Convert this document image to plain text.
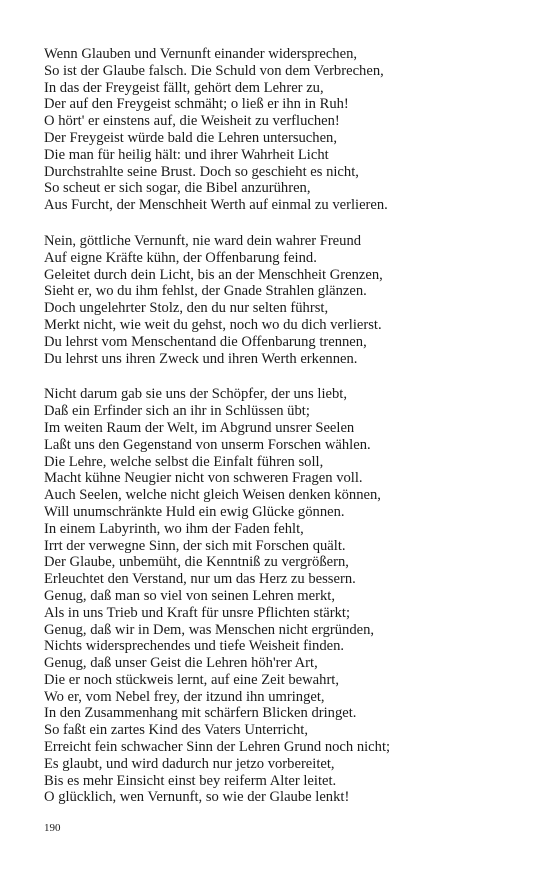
Wenn Glauben und Vernunft einander widersprechen,
So ist der Glaube falsch. Die Schuld von dem Verbrechen,
In das der Freygeist fällt, gehört dem Lehrer zu,
Der auf den Freygeist schmäht; o ließ er ihn in Ruh!
O hört' er einstens auf, die Weisheit zu verfluchen!
Der Freygeist würde bald die Lehren untersuchen,
Die man für heilig hält: und ihrer Wahrheit Licht
Durchstrahlte seine Brust. Doch so geschieht es nicht,
So scheut er sich sogar, die Bibel anzurühren,
Aus Furcht, der Menschheit Werth auf einmal zu verlieren.
Nein, göttliche Vernunft, nie ward dein wahrer Freund
Auf eigne Kräfte kühn, der Offenbarung feind.
Geleitet durch dein Licht, bis an der Menschheit Grenzen,
Sieht er, wo du ihm fehlst, der Gnade Strahlen glänzen.
Doch ungelehrter Stolz, den du nur selten führst,
Merkt nicht, wie weit du gehst, noch wo du dich verlierst.
Du lehrst vom Menschentand die Offenbarung trennen,
Du lehrst uns ihren Zweck und ihren Werth erkennen.
Nicht darum gab sie uns der Schöpfer, der uns liebt,
Daß ein Erfinder sich an ihr in Schlüssen übt;
Im weiten Raum der Welt, im Abgrund unsrer Seelen
Laßt uns den Gegenstand von unserm Forschen wählen.
Die Lehre, welche selbst die Einfalt führen soll,
Macht kühne Neugier nicht von schweren Fragen voll.
Auch Seelen, welche nicht gleich Weisen denken können,
Will unumschränkte Huld ein ewig Glücke gönnen.
In einem Labyrinth, wo ihm der Faden fehlt,
Irrt der verwegne Sinn, der sich mit Forschen quält.
Der Glaube, unbemüht, die Kenntniß zu vergrößern,
Erleuchtet den Verstand, nur um das Herz zu bessern.
Genug, daß man so viel von seinen Lehren merkt,
Als in uns Trieb und Kraft für unsre Pflichten stärkt;
Genug, daß wir in Dem, was Menschen nicht ergründen,
Nichts widersprechendes und tiefe Weisheit finden.
Genug, daß unser Geist die Lehren höh'rer Art,
Die er noch stückweis lernt, auf eine Zeit bewahrt,
Wo er, vom Nebel frey, der itzund ihn umringet,
In den Zusammenhang mit schärfern Blicken dringet.
So faßt ein zartes Kind des Vaters Unterricht,
Erreicht fein schwacher Sinn der Lehren Grund noch nicht;
Es glaubt, und wird dadurch nur jetzo vorbereitet,
Bis es mehr Einsicht einst bey reiferm Alter leitet.
O glücklich, wen Vernunft, so wie der Glaube lenkt!
190
